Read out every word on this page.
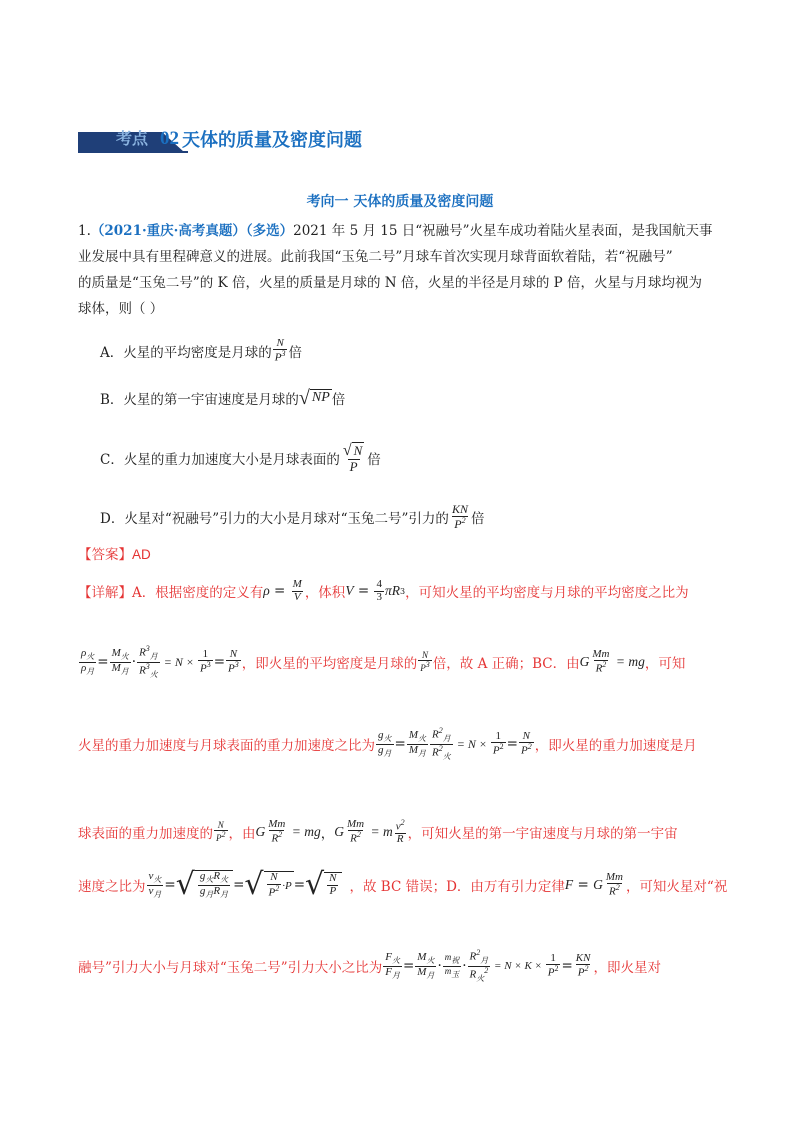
考点 02 天体的质量及密度问题
考向一 天体的质量及密度问题
1.（2021·重庆·高考真题）（多选）2021 年 5 月 15 日“祝融号”火星车成功着陆火星表面，是我国航天事
业发展中具有里程碑意义的进展。此前我国“玉兔二号”月球车首次实现月球背面软着陆，若“祝融号”
的质量是“玉兔二号”的 K 倍，火星的质量是月球的 N 倍，火星的半径是月球的 P 倍，火星与月球均视为
球体，则（ ）
A．火星的平均密度是月球的 $\frac{N}{P^3}$ 倍
B．火星的第一宇宙速度是月球的 √ NP 倍
C．火星的重力加速度大小是月球表面的 $\frac{√ N}{P}$ 倍
D．火星对“祝融号”引力的大小是月球对“玉兔二号”引力的 $\frac{KN}{P^2}$ 倍
【答案】AD
【详解】 A．根据密度的定义有 $\rho = \frac{M}{V}$ ，体积 $V = \frac{4}{3}$ πR 3 ，可知火星的平均密度与月球的平均密度之比为
$\frac{\rho_火}{\rho_月} = \frac{M_火}{M_月} \cdot \frac{R^3_月}{R^3_火} = N \times \frac{1}{P^3} = \frac{N}{P^3}$ ，即火星的平均密度是月球的 $\frac{N}{P^3}$ 倍，故 A 正确；BC．由 G $\frac{Mm}{R^2}$ = mg ，可知
火星的重力加速度与月球表面的重力加速度之比为 $\frac{g_火}{g_月} = \frac{M_火}{M_月} \frac{R^2_月}{R^2_火} = N \times \frac{1}{P^2} = \frac{N}{P^2}$ ，即火星的重力加速度是月
球表面的重力加速度的 $\frac{N}{P^2}$ ，由 G $\frac{Mm}{R^2}$ = mg ， G $\frac{Mm}{R^2} = m \frac{v^2}{R}$ ，可知火星的第一宇宙速度与月球的第一宇宙
速度之比为 $\frac{v_火}{v_月}$ = √ $\frac{g_火R_火}{g_月R_月}$ = √ $\frac{N}{P^2} \cdot P$ = √ $\frac{N}{P}$ ，故 BC 错误；D．由万有引力定律 F = G $\frac{Mm}{R^2}$ ，可知火星对“祝
融号”引力大小与月球对“玉兔二号”引力大小之比为 $\frac{F_火}{F_月} = \frac{M_火}{M_月} \cdot \frac{m_祝}{m_玉} \cdot \frac{R^2_月}{R_火^2} = N \times K \times \frac{1}{P^2} = \frac{KN}{P^2}$ ，即火星对
